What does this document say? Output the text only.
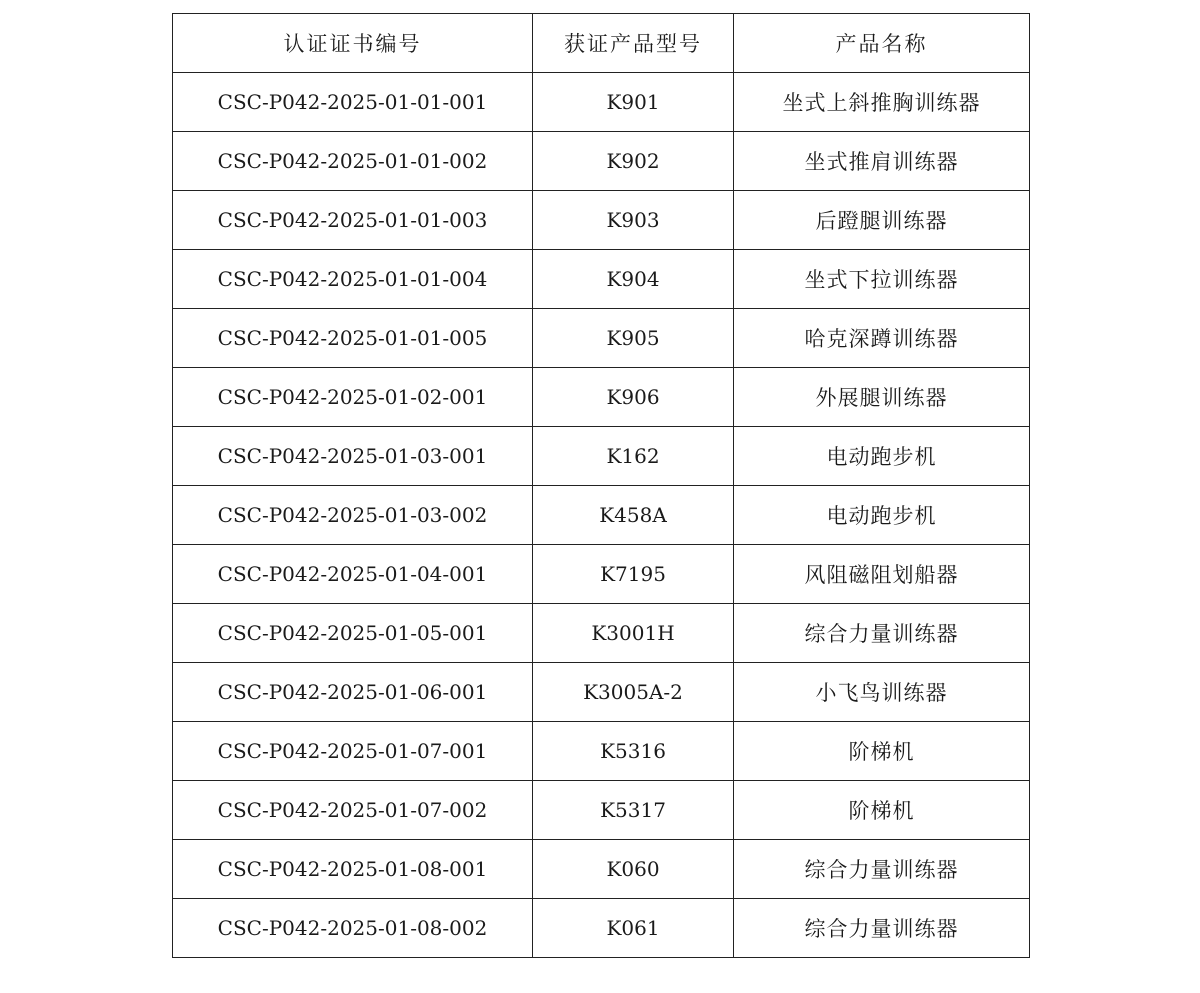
认证证书编号	获证产品型号	产品名称
CSC-P042-2025-01-01-001	K901	坐式上斜推胸训练器
CSC-P042-2025-01-01-002	K902	坐式推肩训练器
CSC-P042-2025-01-01-003	K903	后蹬腿训练器
CSC-P042-2025-01-01-004	K904	坐式下拉训练器
CSC-P042-2025-01-01-005	K905	哈克深蹲训练器
CSC-P042-2025-01-02-001	K906	外展腿训练器
CSC-P042-2025-01-03-001	K162	电动跑步机
CSC-P042-2025-01-03-002	K458A	电动跑步机
CSC-P042-2025-01-04-001	K7195	风阻磁阻划船器
CSC-P042-2025-01-05-001	K3001H	综合力量训练器
CSC-P042-2025-01-06-001	K3005A-2	小飞鸟训练器
CSC-P042-2025-01-07-001	K5316	阶梯机
CSC-P042-2025-01-07-002	K5317	阶梯机
CSC-P042-2025-01-08-001	K060	综合力量训练器
CSC-P042-2025-01-08-002	K061	综合力量训练器
